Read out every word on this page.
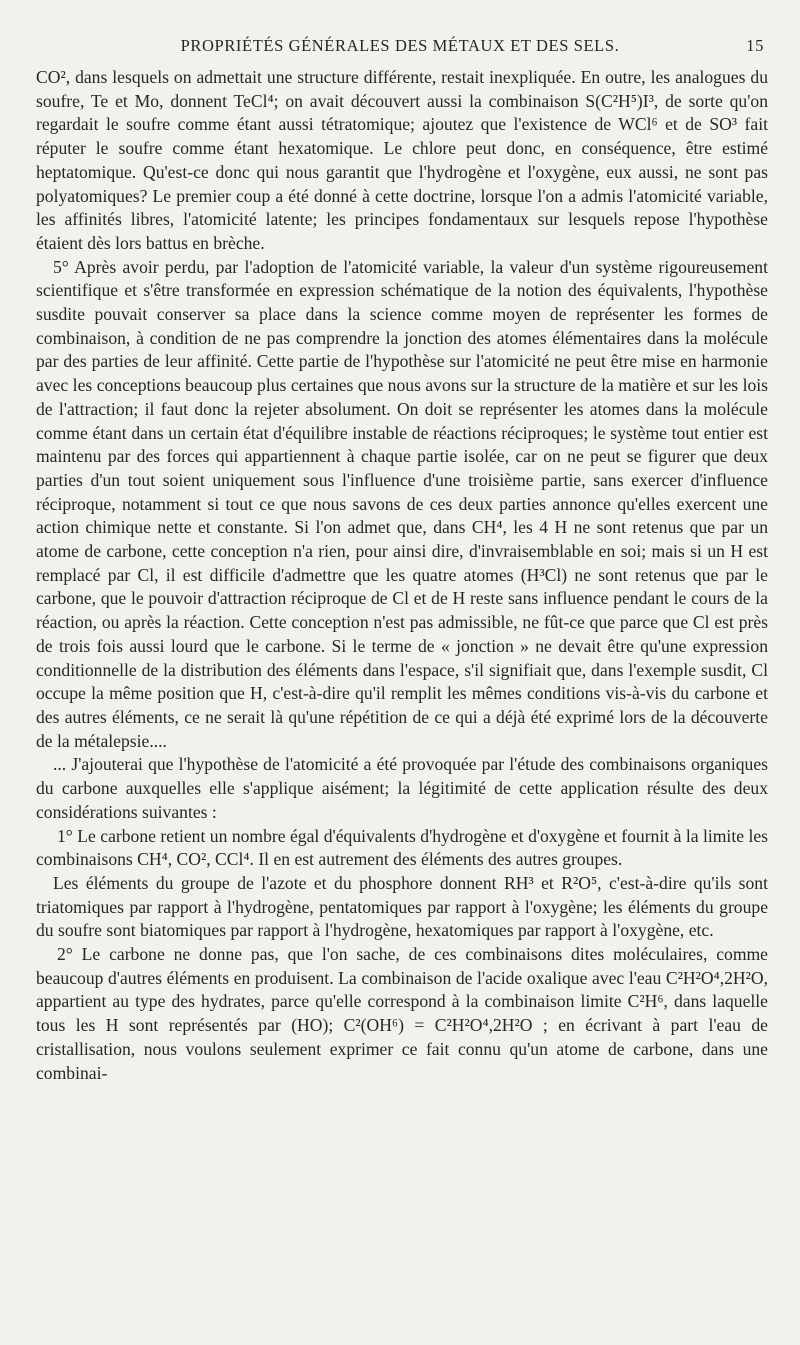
PROPRIÉTÉS GÉNÉRALES DES MÉTAUX ET DES SELS.	15

CO², dans lesquels on admettait une structure différente, restait inexpliquée. En outre, les analogues du soufre, Te et Mo, donnent TeCl⁴; on avait découvert aussi la combinaison S(C²H⁵)I³, de sorte qu'on regardait le soufre comme étant aussi tétratomique; ajoutez que l'existence de WCl⁶ et de SO³ fait réputer le soufre comme étant hexatomique. Le chlore peut donc, en conséquence, être estimé heptatomique. Qu'est-ce donc qui nous garantit que l'hydrogène et l'oxygène, eux aussi, ne sont pas polyatomiques? Le premier coup a été donné à cette doctrine, lorsque l'on a admis l'atomicité variable, les affinités libres, l'atomicité latente; les principes fondamentaux sur lesquels repose l'hypothèse étaient dès lors battus en brèche.

5° Après avoir perdu, par l'adoption de l'atomicité variable, la valeur d'un système rigoureusement scientifique et s'être transformée en expression schématique de la notion des équivalents, l'hypothèse susdite pouvait conserver sa place dans la science comme moyen de représenter les formes de combinaison, à condition de ne pas comprendre la jonction des atomes élémentaires dans la molécule par des parties de leur affinité. Cette partie de l'hypothèse sur l'atomicité ne peut être mise en harmonie avec les conceptions beaucoup plus certaines que nous avons sur la structure de la matière et sur les lois de l'attraction; il faut donc la rejeter absolument. On doit se représenter les atomes dans la molécule comme étant dans un certain état d'équilibre instable de réactions réciproques; le système tout entier est maintenu par des forces qui appartiennent à chaque partie isolée, car on ne peut se figurer que deux parties d'un tout soient uniquement sous l'influence d'une troisième partie, sans exercer d'influence réciproque, notamment si tout ce que nous savons de ces deux parties annonce qu'elles exercent une action chimique nette et constante. Si l'on admet que, dans CH⁴, les 4 H ne sont retenus que par un atome de carbone, cette conception n'a rien, pour ainsi dire, d'invraisemblable en soi; mais si un H est remplacé par Cl, il est difficile d'admettre que les quatre atomes (H³Cl) ne sont retenus que par le carbone, que le pouvoir d'attraction réciproque de Cl et de H reste sans influence pendant le cours de la réaction, ou après la réaction. Cette conception n'est pas admissible, ne fût-ce que parce que Cl est près de trois fois aussi lourd que le carbone. Si le terme de « jonction » ne devait être qu'une expression conditionnelle de la distribution des éléments dans l'espace, s'il signifiait que, dans l'exemple susdit, Cl occupe la même position que H, c'est-à-dire qu'il remplit les mêmes conditions vis-à-vis du carbone et des autres éléments, ce ne serait là qu'une répétition de ce qui a déjà été exprimé lors de la découverte de la métalepsie....

... J'ajouterai que l'hypothèse de l'atomicité a été provoquée par l'étude des combinaisons organiques du carbone auxquelles elle s'applique aisément; la légitimité de cette application résulte des deux considérations suivantes :

1° Le carbone retient un nombre égal d'équivalents d'hydrogène et d'oxygène et fournit à la limite les combinaisons CH⁴, CO², CCl⁴. Il en est autrement des éléments des autres groupes.

Les éléments du groupe de l'azote et du phosphore donnent RH³ et R²O⁵, c'est-à-dire qu'ils sont triatomiques par rapport à l'hydrogène, pentatomiques par rapport à l'oxygène; les éléments du groupe du soufre sont biatomiques par rapport à l'hydrogène, hexatomiques par rapport à l'oxygène, etc.

2° Le carbone ne donne pas, que l'on sache, de ces combinaisons dites moléculaires, comme beaucoup d'autres éléments en produisent. La combinaison de l'acide oxalique avec l'eau C²H²O⁴,2H²O, appartient au type des hydrates, parce qu'elle correspond à la combinaison limite C²H⁶, dans laquelle tous les H sont représentés par (HO); C²(OH⁶) = C²H²O⁴,2H²O ; en écrivant à part l'eau de cristallisation, nous voulons seulement exprimer ce fait connu qu'un atome de carbone, dans une combinai-
